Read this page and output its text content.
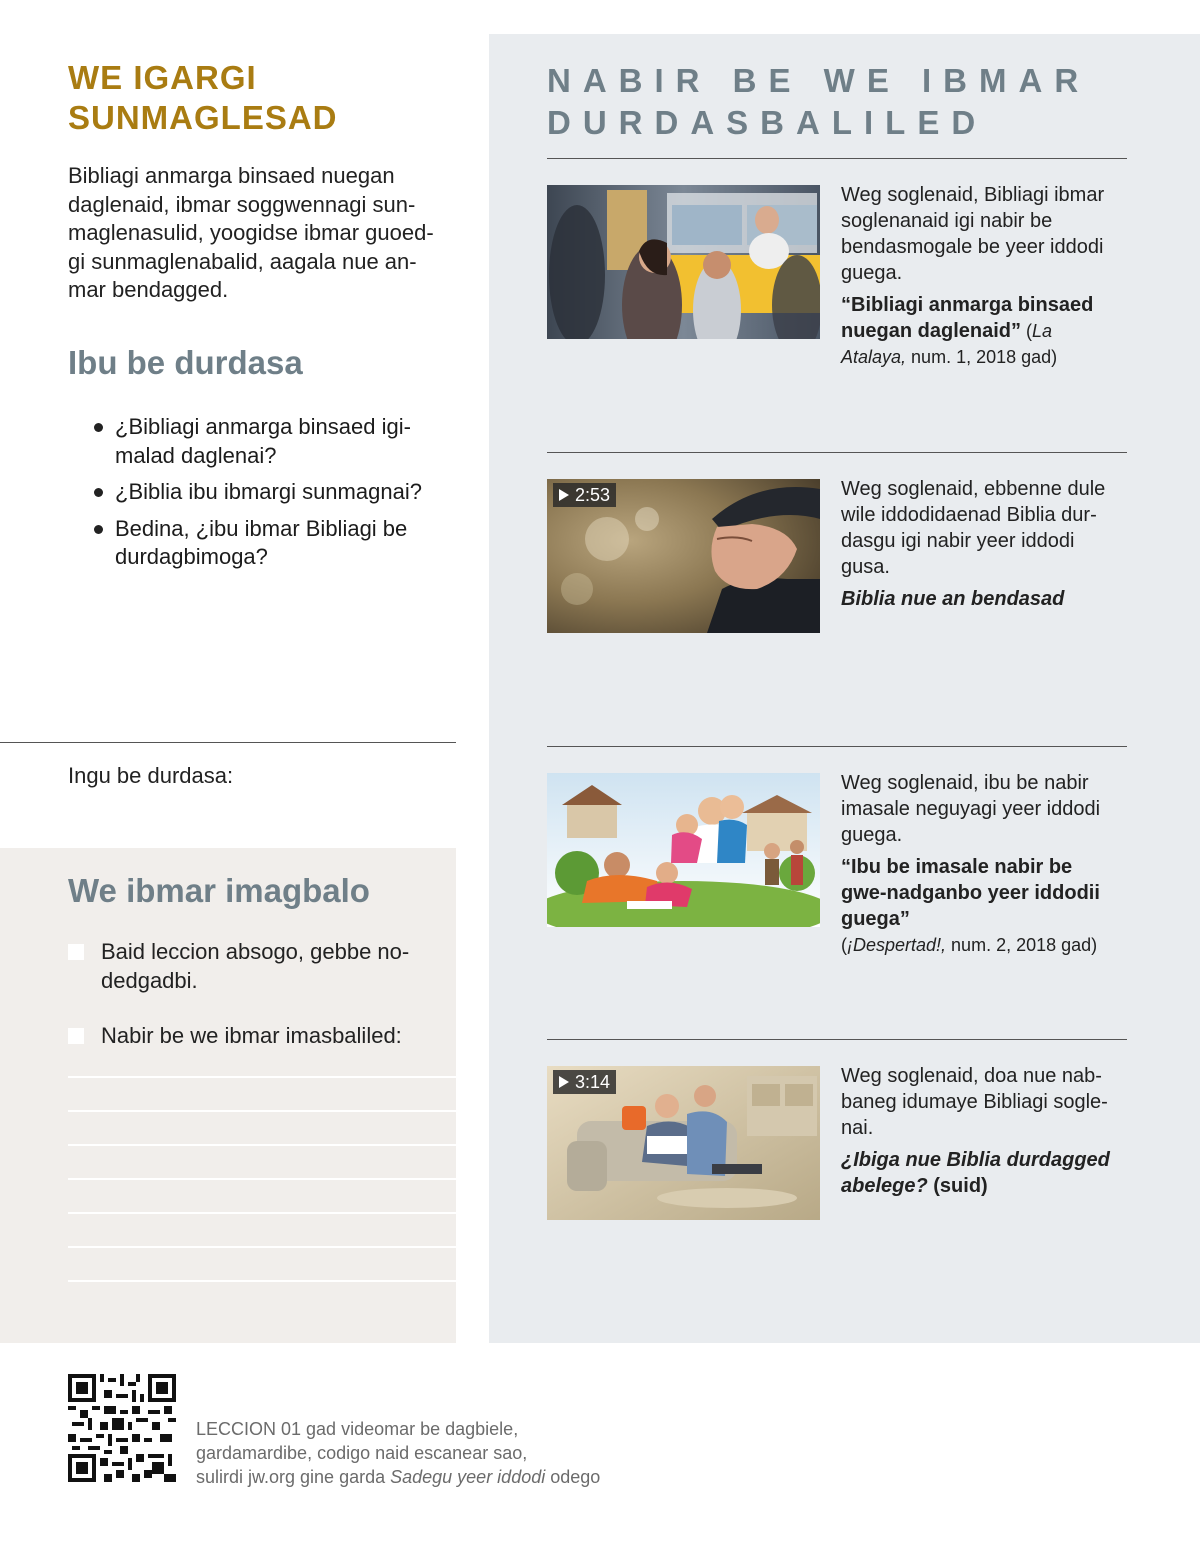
WE IGARGI SUNMAGLESAD

Bibliagi anmarga binsaed nuegan daglenaid, ibmar soggwennagi sun-maglenasulid, yoogidse ibmar guoed-gi sunmaglenabalid, aagala nue an-mar bendagged.

Ibu be durdasa
¿Bibliagi anmarga binsaed igi-malad daglenai?
¿Biblia ibu ibmargi sunmagnai?
Bedina, ¿ibu ibmar Bibliagi be durdagbimoga?
Ingu be durdasa:
We ibmar imagbalo
Baid leccion absogo, gebbe no-dedgadbi.
Nabir be we ibmar imasbaliled:
NABIR BE WE IBMAR DURDASBALILED
Weg soglenaid, Bibliagi ibmar soglenanaid igi nabir be bendasmogale be yeer iddodi guega.
“Bibliagi anmarga binsaed nuegan daglenaid” (La Atalaya, num. 1, 2018 gad)
2:53	Weg soglenaid, ebbenne dule wile iddodidaenad Biblia dur-dasgu igi nabir yeer iddodi gusa.
Biblia nue an bendasad
Weg soglenaid, ibu be nabir imasale neguyagi yeer iddodi guega.
“Ibu be imasale nabir be gwe-nadganbo yeer iddodii guega”
(¡Despertad!, num. 2, 2018 gad)
3:14	Weg soglenaid, doa nue nab-baneg idumaye Bibliagi sogle-nai.
¿Ibiga nue Biblia durdagged abelege? (suid)
LECCION 01 gad videomar be dagbiele,
gardamardibe, codigo naid escanear sao,
sulirdi jw.org gine garda Sadegu yeer iddodi odego
